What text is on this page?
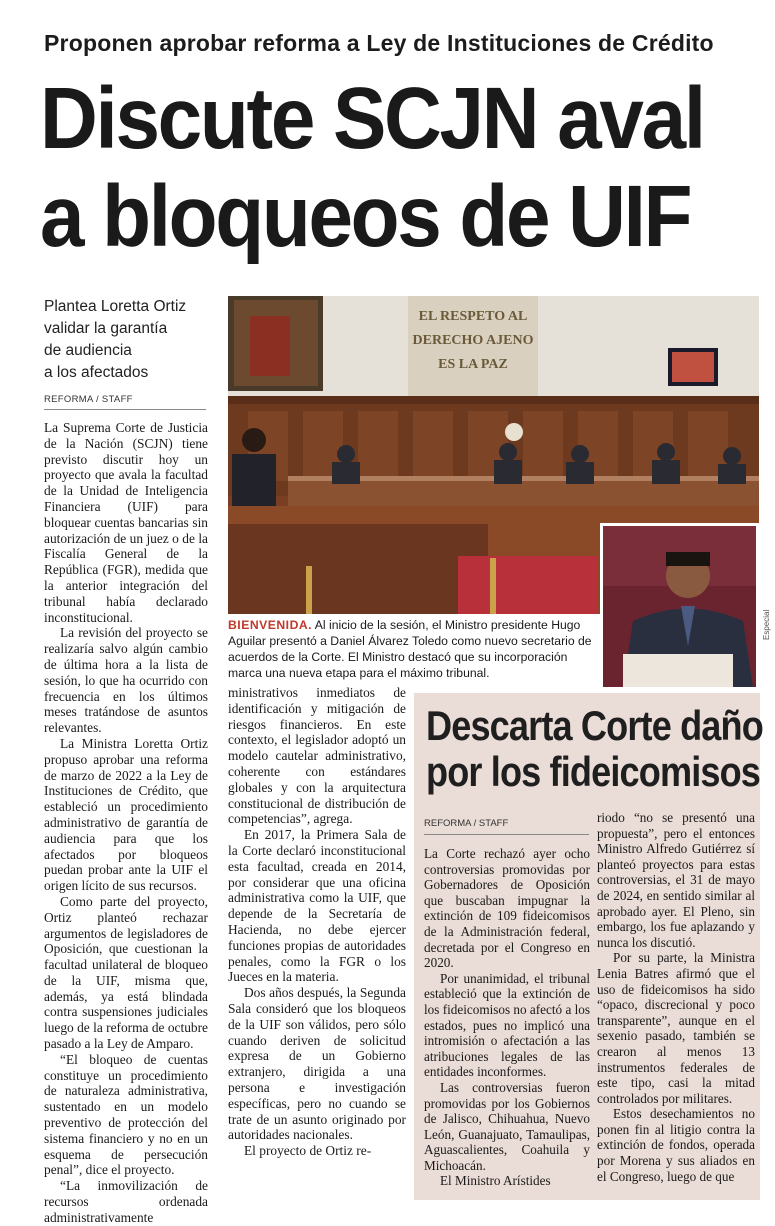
Proponen aprobar reforma a Ley de Instituciones de Crédito
Discute SCJN aval
a bloqueos de UIF
Plantea Loretta Ortiz
validar la garantía
de audiencia
a los afectados
REFORMA / STAFF

La Suprema Corte de Justicia de la Nación (SCJN) tiene previsto discutir hoy un proyecto que avala la facultad de la Unidad de Inteligencia Financiera (UIF) para bloquear cuentas bancarias sin autorización de un juez o de la Fiscalía General de la República (FGR), medida que la anterior integración del tribunal había declarado inconstitucional.

La revisión del proyecto se realizaría salvo algún cambio de última hora a la lista de sesión, lo que ha ocurrido con frecuencia en los últimos meses tratándose de asuntos relevantes.

La Ministra Loretta Ortiz propuso aprobar una reforma de marzo de 2022 a la Ley de Instituciones de Crédito, que estableció un procedimiento administrativo de garantía de audiencia para que los afectados por bloqueos puedan probar ante la UIF el origen lícito de sus recursos.

Como parte del proyecto, Ortiz planteó rechazar argumentos de legisladores de Oposición, que cuestionan la facultad unilateral de bloqueo de la UIF, misma que, además, ya está blindada contra suspensiones judiciales luego de la reforma de octubre pasado a la Ley de Amparo.

“El bloqueo de cuentas constituye un procedimiento de naturaleza administrativa, sustentado en un modelo preventivo de protección del sistema financiero y no en un esquema de persecución penal”, dice el proyecto.

“La inmovilización de recursos ordenada administrativamente

EL RESPETO AL
DERECHO AJENO
ES LA PAZ
Especial
BIENVENIDA. Al inicio de la sesión, el Ministro presidente Hugo Aguilar presentó a Daniel Álvarez Toledo como nuevo secretario de acuerdos de la Corte. El Ministro destacó que su incorporación marca una nueva etapa para el máximo tribunal.

ministrativos inmediatos de identificación y mitigación de riesgos financieros. En este contexto, el legislador adoptó un modelo cautelar administrativo, coherente con estándares globales y con la arquitectura constitucional de distribución de competencias”, agrega.

En 2017, la Primera Sala de la Corte declaró inconstitucional esta facultad, creada en 2014, por considerar que una oficina administrativa como la UIF, que depende de la Secretaría de Hacienda, no debe ejercer funciones propias de autoridades penales, como la FGR o los Jueces en la materia.

Dos años después, la Segunda Sala consideró que los bloqueos de la UIF son válidos, pero sólo cuando deriven de solicitud expresa de un Gobierno extranjero, dirigida a una persona e investigación específicas, pero no cuando se trate de un asunto originado por autoridades nacionales.

El proyecto de Ortiz re-

Descarta Corte daño
por los fideicomisos
REFORMA / STAFF

La Corte rechazó ayer ocho controversias promovidas por Gobernadores de Oposición que buscaban impugnar la extinción de 109 fideicomisos de la Administración federal, decretada por el Congreso en 2020.

Por unanimidad, el tribunal estableció que la extinción de los fideicomisos no afectó a los estados, pues no implicó una intromisión o afectación a las atribuciones legales de las entidades inconformes.

Las controversias fueron promovidas por los Gobiernos de Jalisco, Chihuahua, Nuevo León, Guanajuato, Tamaulipas, Aguascalientes, Coahuila y Michoacán.

El Ministro Arístides

riodo “no se presentó una propuesta”, pero el entonces Ministro Alfredo Gutiérrez sí planteó proyectos para estas controversias, el 31 de mayo de 2024, en sentido similar al aprobado ayer. El Pleno, sin embargo, los fue aplazando y nunca los discutió.

Por su parte, la Ministra Lenia Batres afirmó que el uso de fideicomisos ha sido “opaco, discrecional y poco transparente”, aunque en el sexenio pasado, también se crearon al menos 13 instrumentos federales de este tipo, casi la mitad controlados por militares.

Estos desechamientos no ponen fin al litigio contra la extinción de fondos, operada por Morena y sus aliados en el Congreso, luego de que
